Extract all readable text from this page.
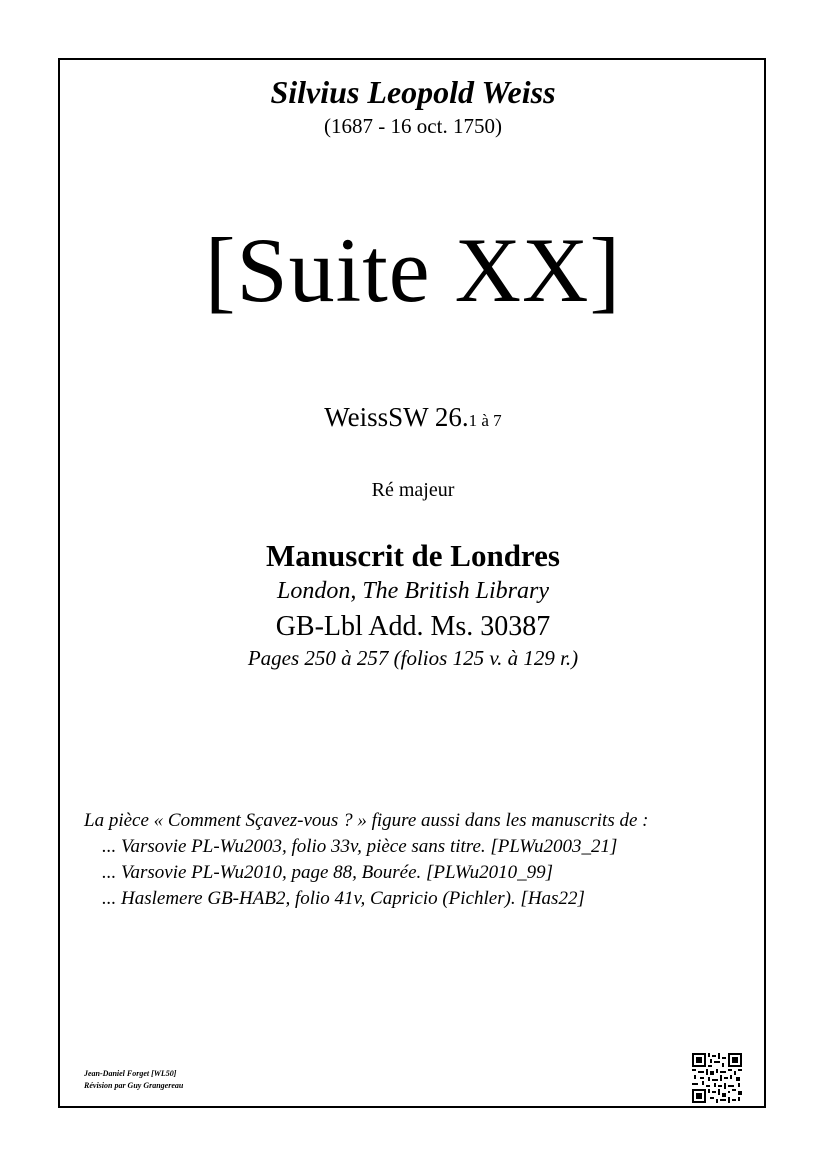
Silvius Leopold Weiss
(1687 - 16 oct. 1750)
[Suite XX]
WeissSW 26.1 à 7
Ré majeur
Manuscrit de Londres
London, The British Library
GB-Lbl Add. Ms. 30387
Pages 250 à 257 (folios 125 v. à 129 r.)
La pièce « Comment Sçavez-vous ? » figure aussi dans les manuscrits de :
... Varsovie PL-Wu2003, folio 33v, pièce sans titre. [PLWu2003_21]
... Varsovie PL-Wu2010, page 88, Bourée. [PLWu2010_99]
... Haslemere GB-HAB2, folio 41v, Capricio (Pichler). [Has22]
Jean-Daniel Forget [WL50]
Révision par Guy Grangereau
